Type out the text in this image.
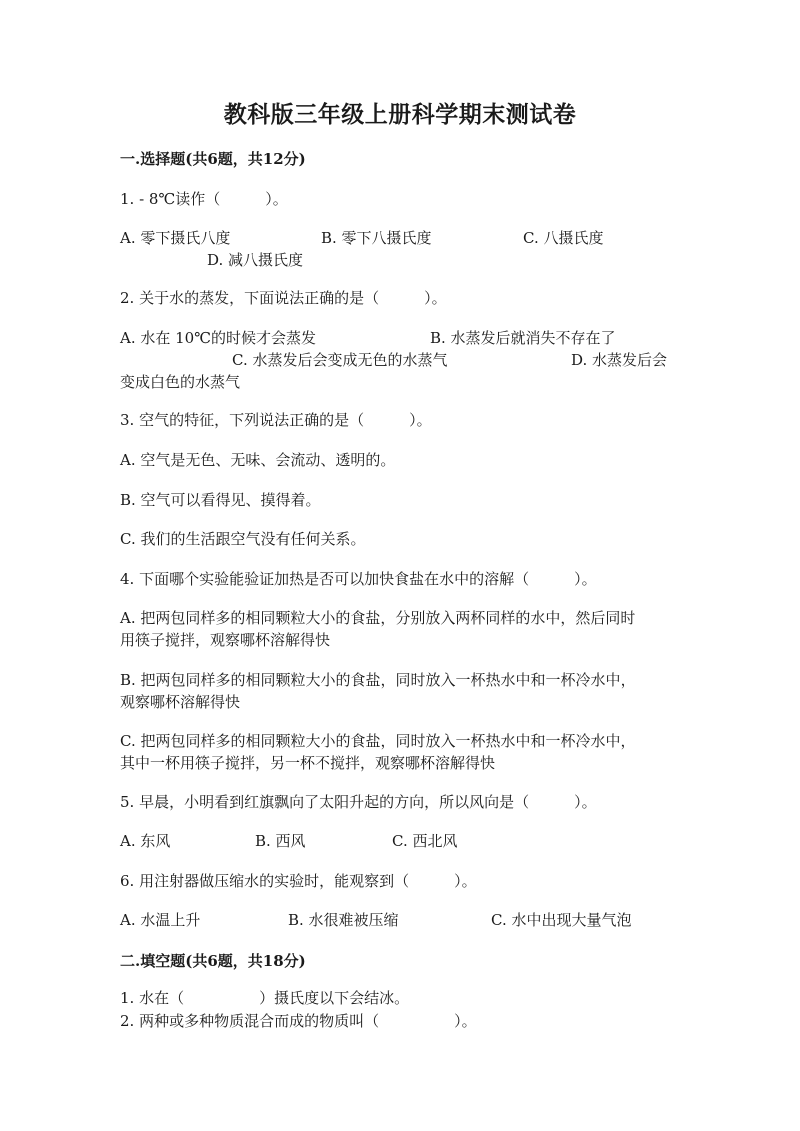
教科版三年级上册科学期末测试卷
一.选择题(共6题，共12分)
1. - 8℃读作（　　　）。
A. 零下摄氏八度	B. 零下八摄氏度	C. 八摄氏度
D. 减八摄氏度
2. 关于水的蒸发，下面说法正确的是（　　　）。
A. 水在 10℃的时候才会蒸发	B. 水蒸发后就消失不存在了
C. 水蒸发后会变成无色的水蒸气	D. 水蒸发后会
变成白色的水蒸气
3. 空气的特征，下列说法正确的是（　　　）。
A. 空气是无色、无味、会流动、透明的。
B. 空气可以看得见、摸得着。
C. 我们的生活跟空气没有任何关系。
4. 下面哪个实验能验证加热是否可以加快食盐在水中的溶解（　　　）。
A. 把两包同样多的相同颗粒大小的食盐，分别放入两杯同样的水中，然后同时
用筷子搅拌，观察哪杯溶解得快
B. 把两包同样多的相同颗粒大小的食盐，同时放入一杯热水中和一杯冷水中，
观察哪杯溶解得快
C. 把两包同样多的相同颗粒大小的食盐，同时放入一杯热水中和一杯冷水中，
其中一杯用筷子搅拌，另一杯不搅拌，观察哪杯溶解得快
5. 早晨，小明看到红旗飘向了太阳升起的方向，所以风向是（　　　）。
A. 东风	B. 西风	C. 西北风
6. 用注射器做压缩水的实验时，能观察到（　　　）。
A. 水温上升	B. 水很难被压缩	C. 水中出现大量气泡
二.填空题(共6题，共18分)
1. 水在（　　　　　）摄氏度以下会结冰。
2. 两种或多种物质混合而成的物质叫（　　　　　）。
